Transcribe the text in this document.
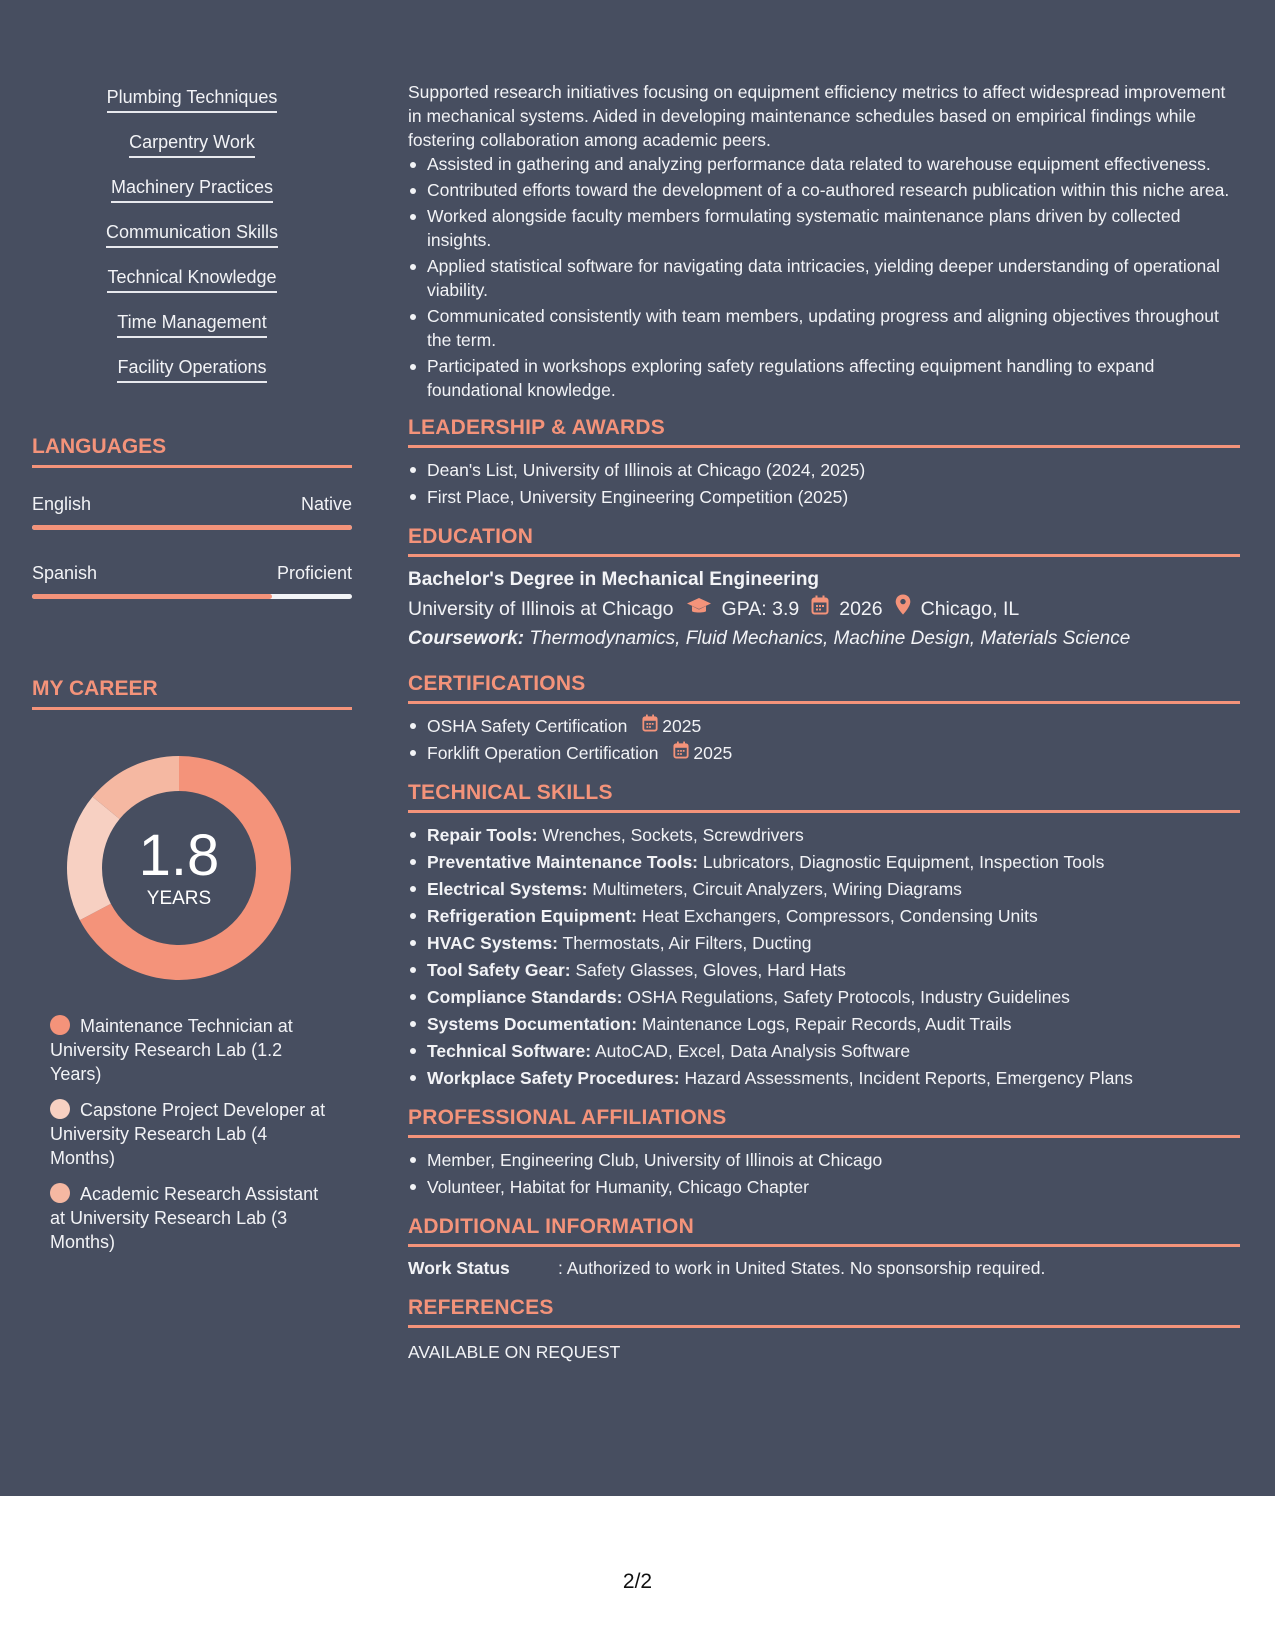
Plumbing Techniques
Carpentry Work
Machinery Practices
Communication Skills
Technical Knowledge
Time Management
Facility Operations
LANGUAGES
English	Native
Spanish	Proficient
MY CAREER
1.8
YEARS
Maintenance Technician at University Research Lab (1.2 Years)
Capstone Project Developer at University Research Lab (4 Months)
Academic Research Assistant at University Research Lab (3 Months)

Supported research initiatives focusing on equipment efficiency metrics to affect widespread improvement in mechanical systems. Aided in developing maintenance schedules based on empirical findings while fostering collaboration among academic peers.

Assisted in gathering and analyzing performance data related to warehouse equipment effectiveness.
Contributed efforts toward the development of a co-authored research publication within this niche area.
Worked alongside faculty members formulating systematic maintenance plans driven by collected insights.
Applied statistical software for navigating data intricacies, yielding deeper understanding of operational viability.
Communicated consistently with team members, updating progress and aligning objectives throughout the term.
Participated in workshops exploring safety regulations affecting equipment handling to expand foundational knowledge.
LEADERSHIP & AWARDS
Dean's List, University of Illinois at Chicago (2024, 2025)
First Place, University Engineering Competition (2025)
EDUCATION
Bachelor's Degree in Mechanical Engineering
University of Illinois at Chicago GPA: 3.9 2026 Chicago, IL
Coursework: Thermodynamics, Fluid Mechanics, Machine Design, Materials Science
CERTIFICATIONS
OSHA Safety Certification 2025
Forklift Operation Certification 2025
TECHNICAL SKILLS
Repair Tools: Wrenches, Sockets, Screwdrivers
Preventative Maintenance Tools: Lubricators, Diagnostic Equipment, Inspection Tools
Electrical Systems: Multimeters, Circuit Analyzers, Wiring Diagrams
Refrigeration Equipment: Heat Exchangers, Compressors, Condensing Units
HVAC Systems: Thermostats, Air Filters, Ducting
Tool Safety Gear: Safety Glasses, Gloves, Hard Hats
Compliance Standards: OSHA Regulations, Safety Protocols, Industry Guidelines
Systems Documentation: Maintenance Logs, Repair Records, Audit Trails
Technical Software: AutoCAD, Excel, Data Analysis Software
Workplace Safety Procedures: Hazard Assessments, Incident Reports, Emergency Plans
PROFESSIONAL AFFILIATIONS
Member, Engineering Club, University of Illinois at Chicago
Volunteer, Habitat for Humanity, Chicago Chapter
ADDITIONAL INFORMATION
Work Status	: Authorized to work in United States. No sponsorship required.
REFERENCES
AVAILABLE ON REQUEST
2/2
